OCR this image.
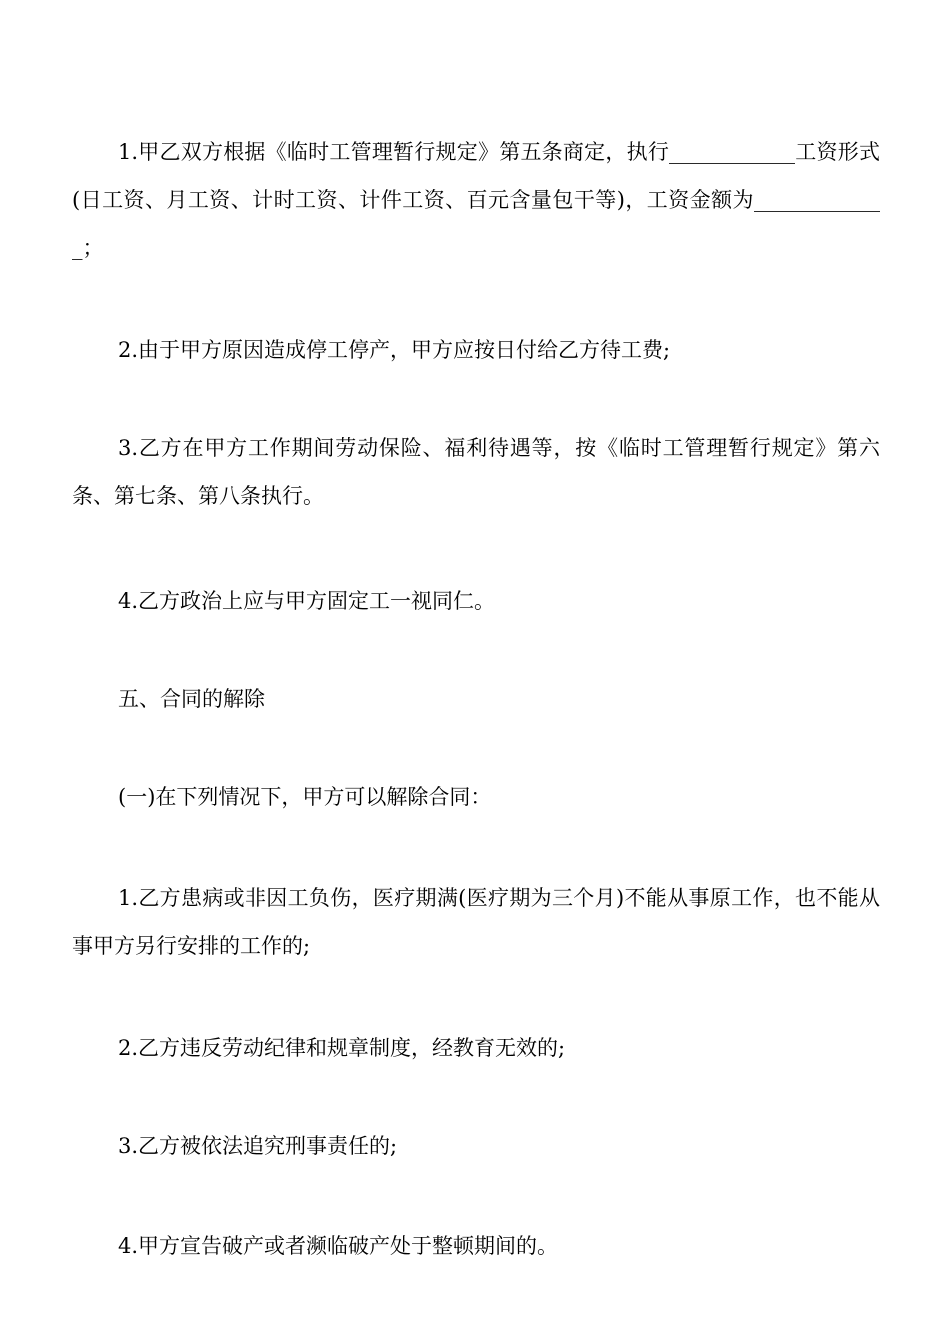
1.甲乙双方根据《临时工管理暂行规定》第五条商定，执行____________工资形式(日工资、月工资、计时工资、计件工资、百元含量包干等)，工资金额为_____________；

2.由于甲方原因造成停工停产，甲方应按日付给乙方待工费;

3.乙方在甲方工作期间劳动保险、福利待遇等，按《临时工管理暂行规定》第六条、第七条、第八条执行。

4.乙方政治上应与甲方固定工一视同仁。

五、合同的解除

(一)在下列情况下，甲方可以解除合同：

1.乙方患病或非因工负伤，医疗期满(医疗期为三个月)不能从事原工作，也不能从事甲方另行安排的工作的;

2.乙方违反劳动纪律和规章制度，经教育无效的;

3.乙方被依法追究刑事责任的;

4.甲方宣告破产或者濒临破产处于整顿期间的。
